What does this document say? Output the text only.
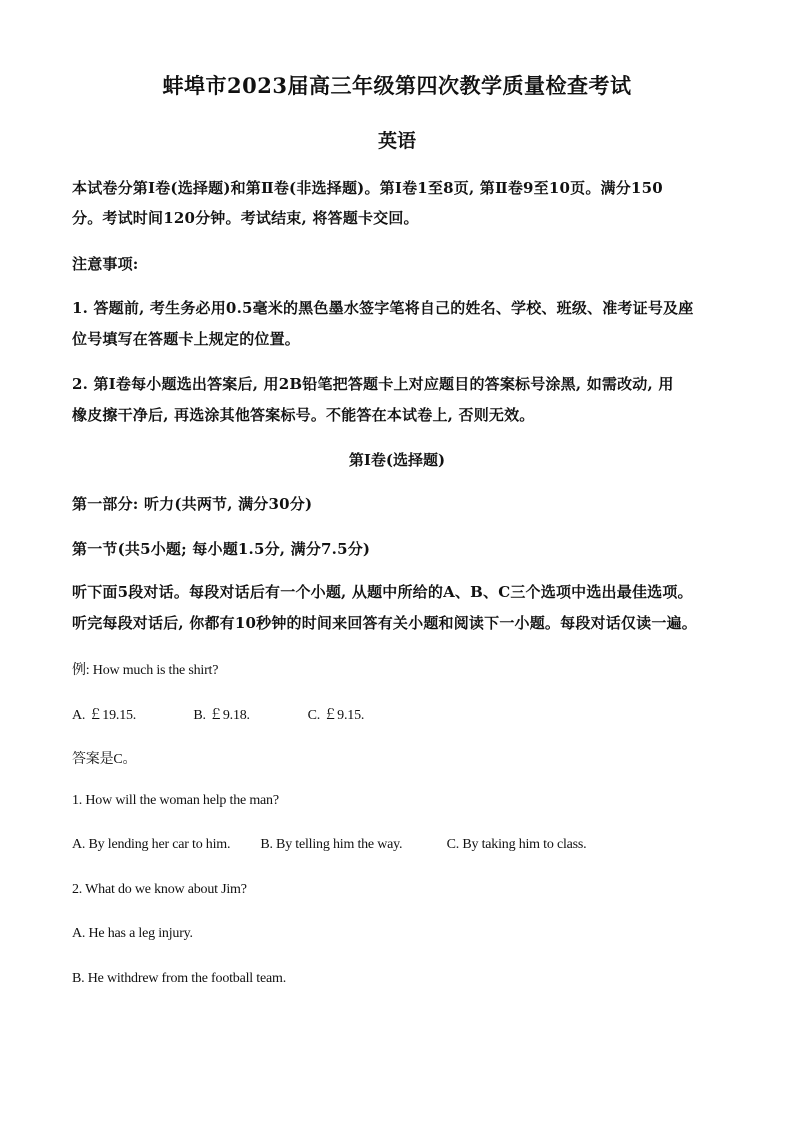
蚌埠市2023届高三年级第四次教学质量检查考试
英语
本试卷分第Ⅰ卷(选择题)和第Ⅱ卷(非选择题)。第Ⅰ卷1至8页, 第Ⅱ卷9至10页。满分150
分。考试时间120分钟。考试结束, 将答题卡交回。
注意事项:
1. 答题前, 考生务必用0.5毫米的黑色墨水签字笔将自己的姓名、学校、班级、准考证号及座
位号填写在答题卡上规定的位置。
2. 第Ⅰ卷每小题选出答案后, 用2B铅笔把答题卡上对应题目的答案标号涂黑, 如需改动, 用
橡皮擦干净后, 再选涂其他答案标号。不能答在本试卷上, 否则无效。
第Ⅰ卷(选择题)
第一部分: 听力(共两节, 满分30分)
第一节(共5小题; 每小题1.5分, 满分7.5分)
听下面5段对话。每段对话后有一个小题, 从题中所给的A、B、C三个选项中选出最佳选项。
听完每段对话后, 你都有10秒钟的时间来回答有关小题和阅读下一小题。每段对话仅读一遍。
例: How much is the shirt?
A. ￡19.15.	B. ￡9.18.	C. ￡9.15.
答案是C。
1. How will the woman help the man?
A. By lending her car to him. B. By telling him the way.	C. By taking him to class.
2. What do we know about Jim?
A. He has a leg injury.
B. He withdrew from the football team.
